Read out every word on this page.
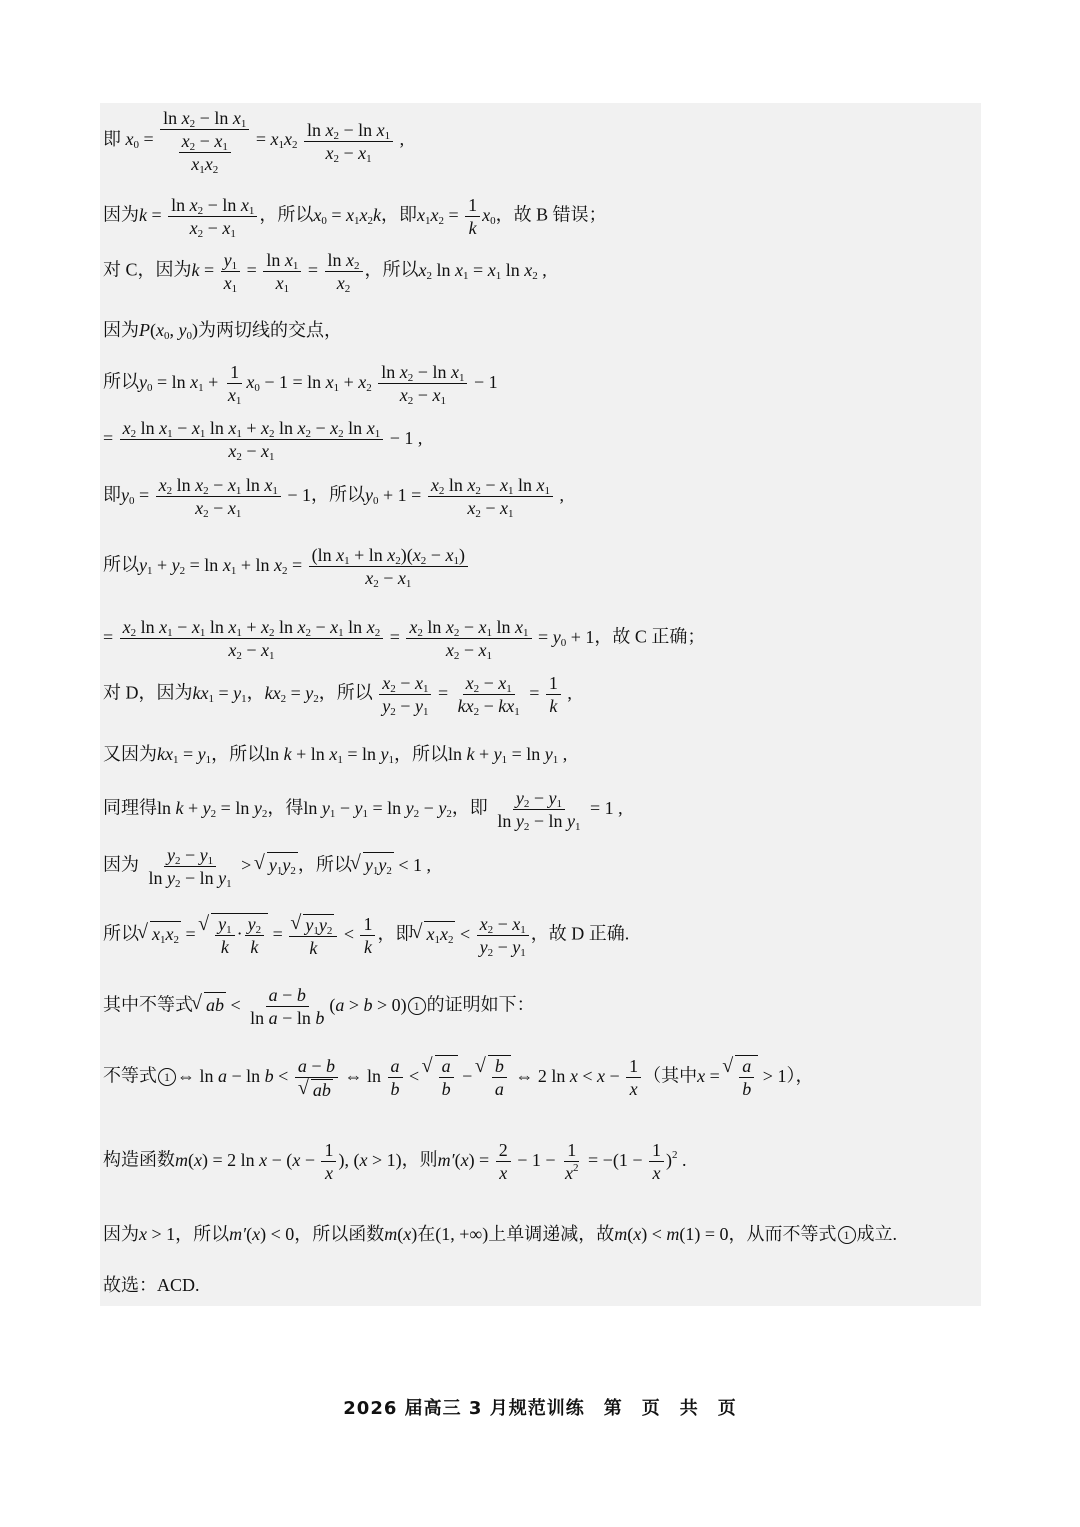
即 $x_0 = \frac{\ln x_2 - \ln x_1}{\frac{x_2 - x_1}{x_1x_2}} = x_1x_2 \frac{\ln x_2 - \ln x_1}{x_2 - x_1}$ ,
因为$k = \frac{\ln x_2 - \ln x_1}{x_2 - x_1}$ ，所以$x_0 = x_1x_2k$，即$x_1x_2 = \frac{1}{k} x_0$，故 B 错误；
对 C，因为$k = \frac{y_1}{x_1} = \frac{\ln x_1}{x_1} = \frac{\ln x_2}{x_2}$ ，所以$x_2$ $\ln x_1 = x_1$ $\ln x_2$ ,
因为$P(x_0$, $y_0$)为两切线的交点，
所以$y_0 = \ln x_1 + \frac{1}{x_1} x_0 - 1 = \ln x_1 + x_2 \frac{\ln x_2 - \ln x_1}{x_2 - x_1} - 1$
= $\frac{x_2 \ln x_1 - x_1 \ln x_1 + x_2 \ln x_2 - x_2 \ln x_1}{x_2 - x_1} - 1$ ,
即$y_0 = \frac{x_2 \ln x_2 - x_1 \ln x_1}{x_2 - x_1} - 1$，所以$y_0 + 1 = \frac{x_2 \ln x_2 - x_1 \ln x_1}{x_2 - x_1}$ ,
所以$y_1 + y_2 = \ln x_1 + \ln x_2 = \frac{(\ln x_1 + \ln x_2)(x_2 - x_1)}{x_2 - x_1}$
= $\frac{x_2 \ln x_1 - x_1 \ln x_1 + x_2 \ln x_2 - x_1 \ln x_2}{x_2 - x_1} = \frac{x_2 \ln x_2 - x_1 \ln x_1}{x_2 - x_1} = y_0 + 1$，故 C 正确；
对 D，因为$kx_1 = y_1$，$kx_2 = y_2$，所以 $\frac{x_2 - x_1}{y_2 - y_1} = \frac{x_2 - x_1}{kx_2 - kx_1} = \frac{1}{k}$ ,
又因为$kx_1 = y_1$，所以$\ln k + \ln x_1 = \ln y_1$，所以$\ln k + y_1 = \ln y_1$ ,
同理得$\ln k + y_2 = \ln y_2$，得$\ln y_1 - y_1 = \ln y_2 - y_2$，即 $\frac{y_2 - y_1}{\ln y_2 - \ln y_1} = 1$ ,
因为 $\frac{y_2 - y_1}{\ln y_2 - \ln y_1}$ > √ $y_1y_2$ ，所以 √ $y_1y_2 < 1$ ,
所以 √ $x_1x_2$ = √ $\frac{y_1}{k} \cdot \frac{y_2}{k}$ = √ $\frac{y_1y_2}{k} < \frac{1}{k}$ ，即 √ $x_1x_2 < \frac{x_2 - x_1}{y_2 - y_1}$ ，故 D 正确.
其中不等式 √ ab < $\frac{a - b}{\text{ln a − ln b}} (a > b > 0)$ 1 的证明如下：
不等式 1 ⇔ ln a − ln b < a − b
√ ab ⇔ $\ln \frac{a}{b}$ < √ $\frac{a}{b}$ − √ $\frac{b}{a}$ ⇔ 2 $\ln x < x - \frac{1}{x}$ （其中x = √ $\frac{a}{b} > 1$），
构造函数m(x) = 2 $\ln x - (x - \frac{1}{x}$ ), (x > 1)，则$m'(x) = \frac{2}{x} - 1 - \frac{1}{x^2} = -(1 - \frac{1}{x} )^2$ .
因为x > 1，所以m′(x) < 0，所以函数m(x)在(1, +∞)上单调递减，故m(x) < m(1) = 0，从而不等式 1 成立.
故选：ACD.
2026 届高三 3 月规范训练　第　页　共　页
